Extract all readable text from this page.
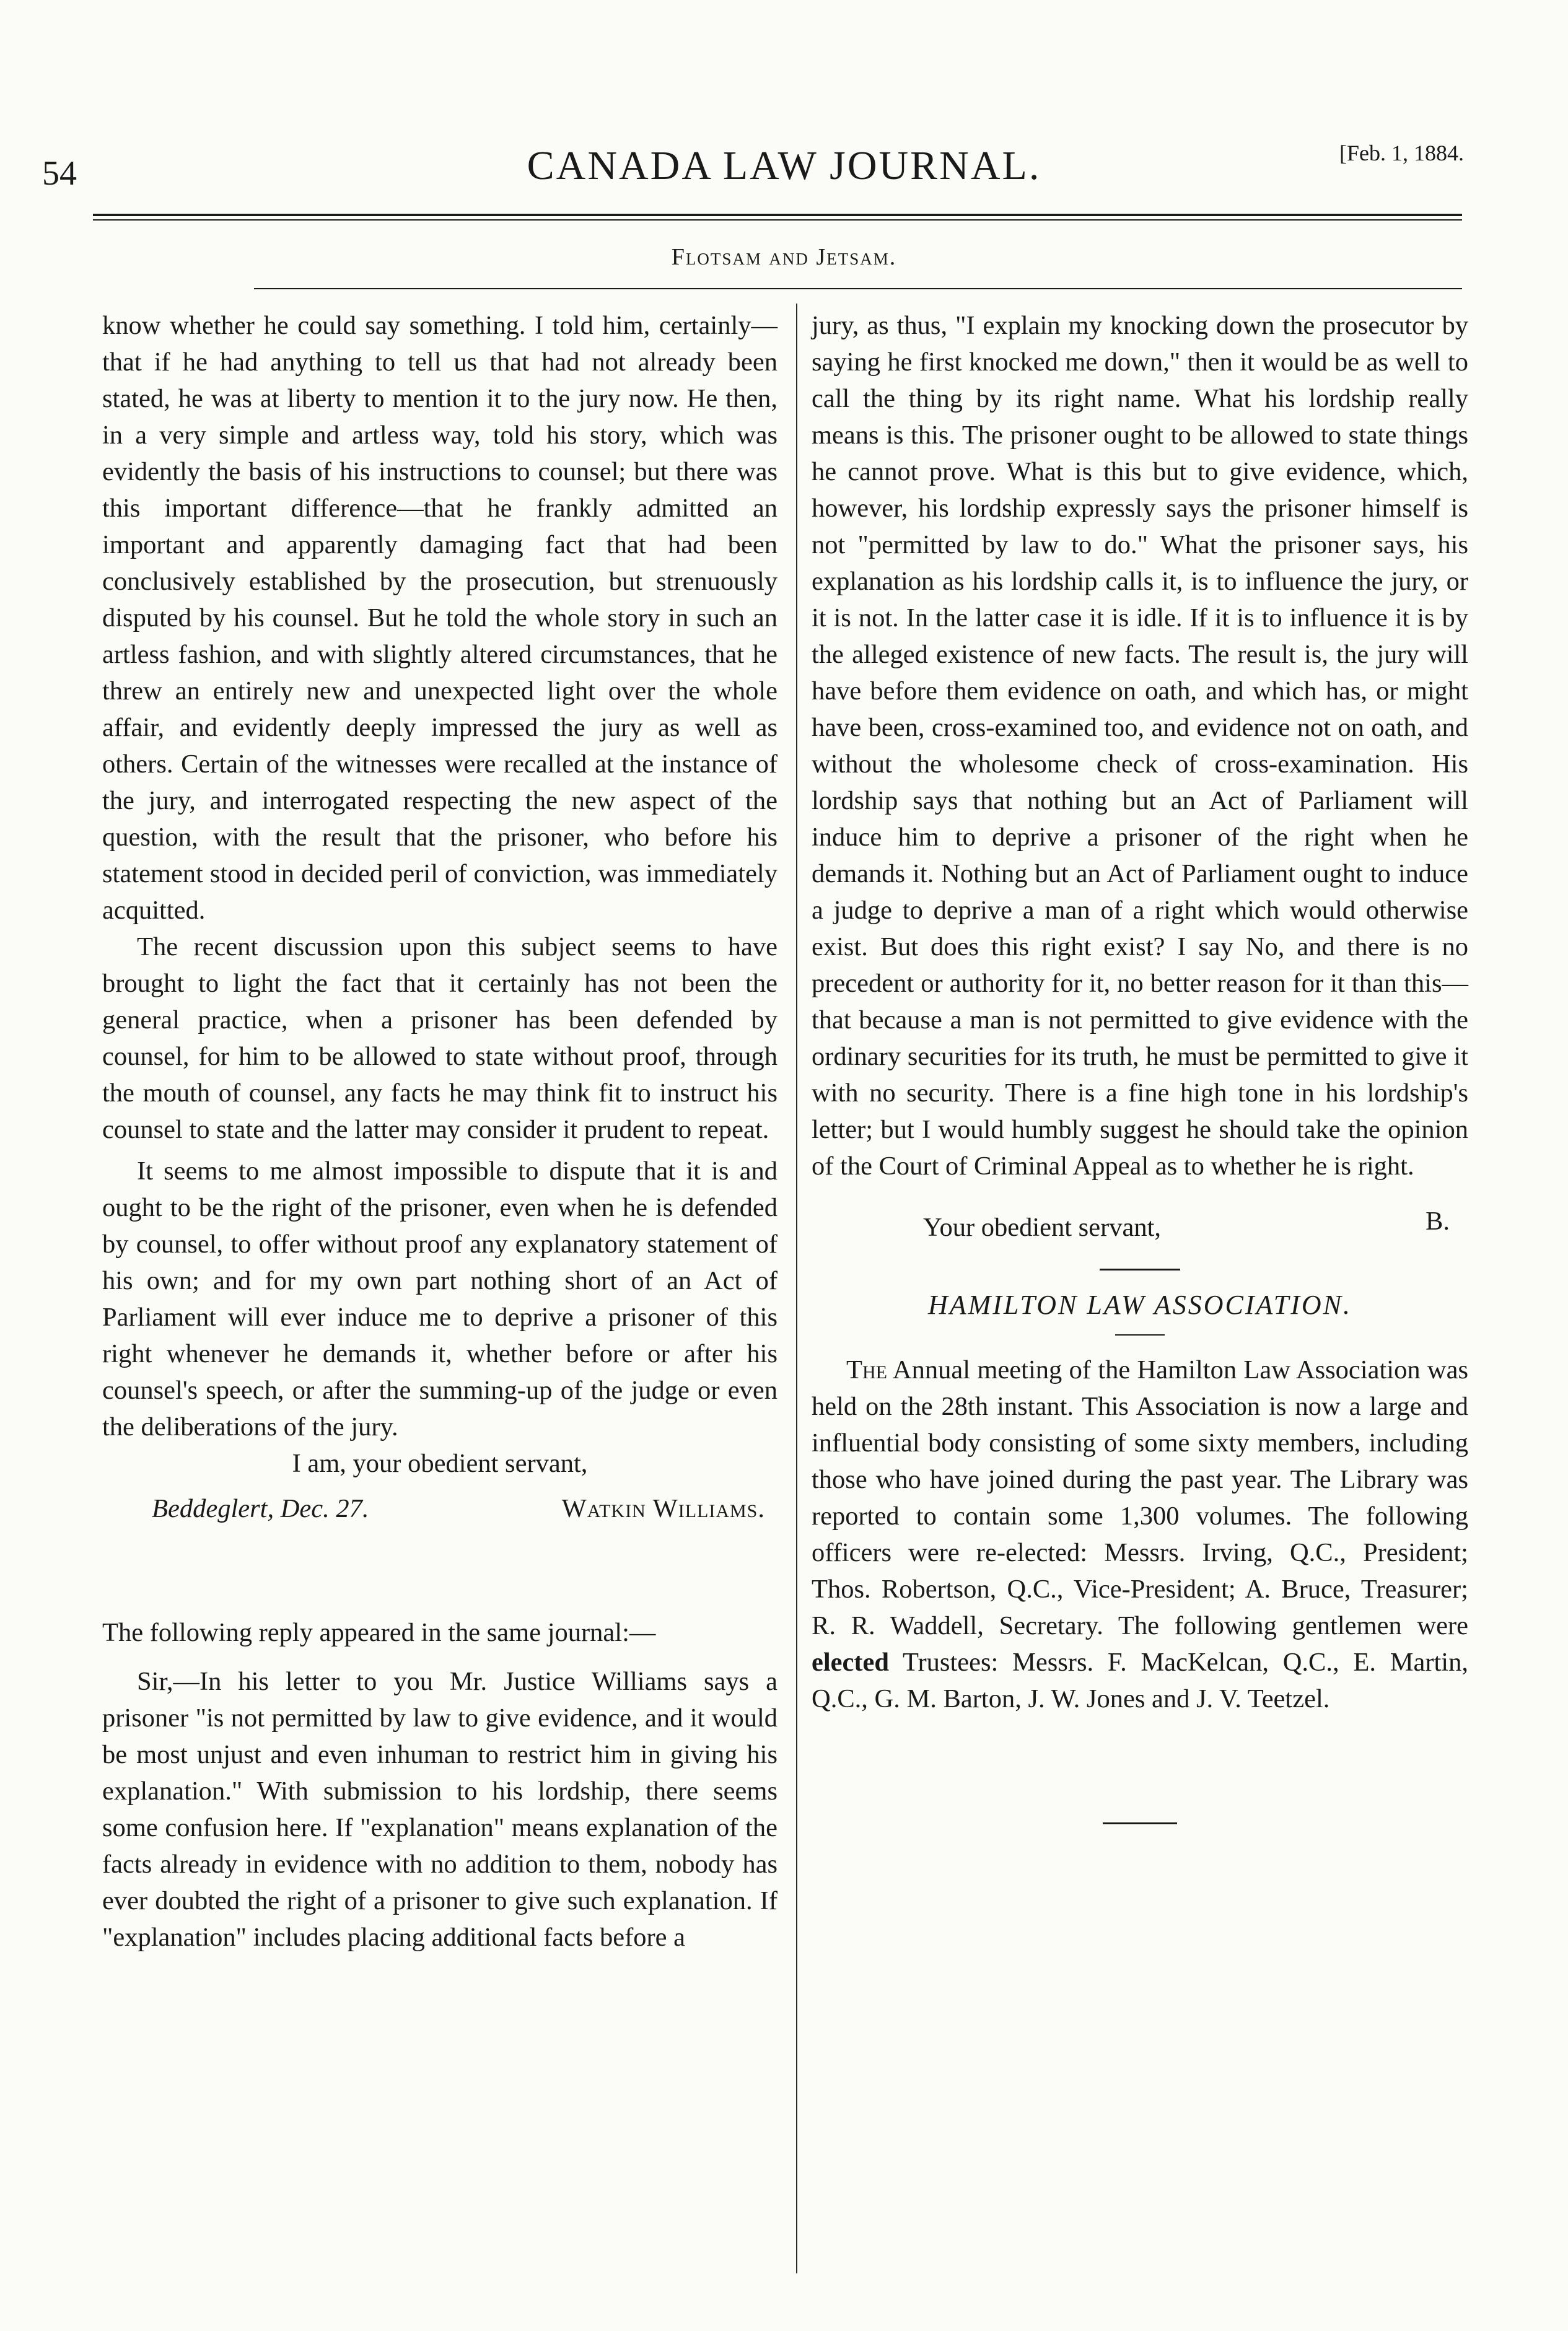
54	CANADA LAW JOURNAL.	[Feb. 1, 1884.
Flotsam and Jetsam.

know whether he could say something. I told him, certainly—that if he had anything to tell us that had not already been stated, he was at liberty to mention it to the jury now. He then, in a very simple and artless way, told his story, which was evidently the basis of his instructions to counsel; but there was this important difference—that he frankly admitted an important and apparently damaging fact that had been conclusively established by the prosecution, but strenuously disputed by his counsel. But he told the whole story in such an artless fashion, and with slightly altered circumstances, that he threw an entirely new and unexpected light over the whole affair, and evidently deeply impressed the jury as well as others. Certain of the witnesses were recalled at the instance of the jury, and interrogated respecting the new aspect of the question, with the result that the prisoner, who before his statement stood in decided peril of conviction, was immediately acquitted.

The recent discussion upon this subject seems to have brought to light the fact that it certainly has not been the general practice, when a prisoner has been defended by counsel, for him to be allowed to state without proof, through the mouth of counsel, any facts he may think fit to instruct his counsel to state and the latter may consider it prudent to repeat.

It seems to me almost impossible to dispute that it is and ought to be the right of the prisoner, even when he is defended by counsel, to offer without proof any explanatory statement of his own; and for my own part nothing short of an Act of Parliament will ever induce me to deprive a prisoner of this right whenever he demands it, whether before or after his counsel's speech, or after the summing-up of the judge or even the deliberations of the jury.

I am, your obedient servant,
Beddeglert, Dec. 27.	Watkin Williams.

The following reply appeared in the same journal:—

Sir,—In his letter to you Mr. Justice Williams says a prisoner "is not permitted by law to give evidence, and it would be most unjust and even inhuman to restrict him in giving his explanation." With submission to his lordship, there seems some confusion here. If "explanation" means explanation of the facts already in evidence with no addition to them, nobody has ever doubted the right of a prisoner to give such explanation. If "explanation" includes placing additional facts before a

jury, as thus, "I explain my knocking down the prosecutor by saying he first knocked me down," then it would be as well to call the thing by its right name. What his lordship really means is this. The prisoner ought to be allowed to state things he cannot prove. What is this but to give evidence, which, however, his lordship expressly says the prisoner himself is not "permitted by law to do." What the prisoner says, his explanation as his lordship calls it, is to influence the jury, or it is not. In the latter case it is idle. If it is to influence it is by the alleged existence of new facts. The result is, the jury will have before them evidence on oath, and which has, or might have been, cross-examined too, and evidence not on oath, and without the wholesome check of cross-examination. His lordship says that nothing but an Act of Parliament will induce him to deprive a prisoner of the right when he demands it. Nothing but an Act of Parliament ought to induce a judge to deprive a man of a right which would otherwise exist. But does this right exist? I say No, and there is no precedent or authority for it, no better reason for it than this—that because a man is not permitted to give evidence with the ordinary securities for its truth, he must be permitted to give it with no security. There is a fine high tone in his lordship's letter; but I would humbly suggest he should take the opinion of the Court of Criminal Appeal as to whether he is right.

Your obedient servant,	B.
HAMILTON LAW ASSOCIATION.

The Annual meeting of the Hamilton Law Association was held on the 28th instant. This Association is now a large and influential body consisting of some sixty members, including those who have joined during the past year. The Library was reported to contain some 1,300 volumes. The following officers were re-elected: Messrs. Irving, Q.C., President; Thos. Robertson, Q.C., Vice-President; A. Bruce, Treasurer; R. R. Waddell, Secretary. The following gentlemen were elected Trustees: Messrs. F. MacKelcan, Q.C., E. Martin, Q.C., G. M. Barton, J. W. Jones and J. V. Teetzel.
